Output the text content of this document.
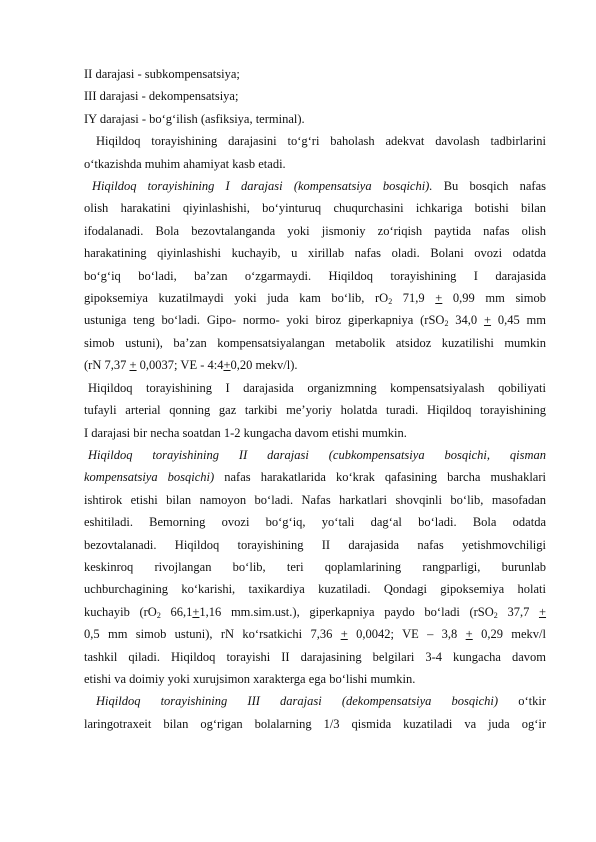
II darajasi - subkompensatsiya;
III darajasi - dekompensatsiya;
IY darajasi - boʻgʻilish (asfiksiya, terminal).
Hiqildoq torayishining darajasini toʻgʻri baholash adekvat davolash tadbirlarini
oʻtkazishda muhim ahamiyat kasb etadi.
Hiqildoq torayishining I darajasi (kompensatsiya bosqichi). Bu bosqich nafas
olish harakatini qiyinlashishi, boʻyinturuq chuqurchasini ichkariga botishi bilan
ifodalanadi. Bola bezovtalanganda yoki jismoniy zoʻriqish paytida nafas olish
harakatining qiyinlashishi kuchayib, u xirillab nafas oladi. Bolani ovozi odatda
boʻgʻiq boʻladi, ba’zan oʻzgarmaydi. Hiqildoq torayishining I darajasida
gipoksemiya kuzatilmaydi yoki juda kam boʻlib, $rO_2$ 71,9 + 0,99 mm simob
ustuniga teng boʻladi. Gipo- normo- yoki biroz giperkapniya (rSO$_2$ 34,0 + 0,45 mm
simob ustuni), ba’zan kompensatsiyalangan metabolik atsidoz kuzatilishi mumkin
(rN 7,37 + 0,0037; VE - 4:4+0,20 mekv/l).
Hiqildoq torayishining I darajasida organizmning kompensatsiyalash qobiliyati
tufayli arterial qonning gaz tarkibi me’yoriy holatda turadi. Hiqildoq torayishining
I darajasi bir necha soatdan 1-2 kungacha davom etishi mumkin.
Hiqildoq torayishining II darajasi (cubkompensatsiya bosqichi, qisman
kompensatsiya bosqichi) nafas harakatlarida koʻkrak qafasining barcha mushaklari
ishtirok etishi bilan namoyon boʻladi. Nafas harkatlari shovqinli boʻlib, masofadan
eshitiladi. Bemorning ovozi boʻgʻiq, yoʻtali dagʻal boʻladi. Bola odatda
bezovtalanadi. Hiqildoq torayishining II darajasida nafas yetishmovchiligi
keskinroq rivojlangan boʻlib, teri qoplamlarining rangparligi, burunlab
uchburchagining koʻkarishi, taxikardiya kuzatiladi. Qondagi gipoksemiya holati
kuchayib ($rO_2$ 66,1+1,16 mm.sim.ust.), giperkapniya paydo boʻladi (rSO$_2$ 37,7 +
0,5 mm simob ustuni), rN koʻrsatkichi 7,36 + 0,0042; VE – 3,8 + 0,29 mekv/l
tashkil qiladi. Hiqildoq torayishi II darajasining belgilari 3-4 kungacha davom
etishi va doimiy yoki xurujsimon xarakterga ega boʻlishi mumkin.
Hiqildoq torayishining III darajasi (dekompensatsiya bosqichi) oʻtkir
laringotraxeit bilan ogʻrigan bolalarning 1/3 qismida kuzatiladi va juda ogʻir
